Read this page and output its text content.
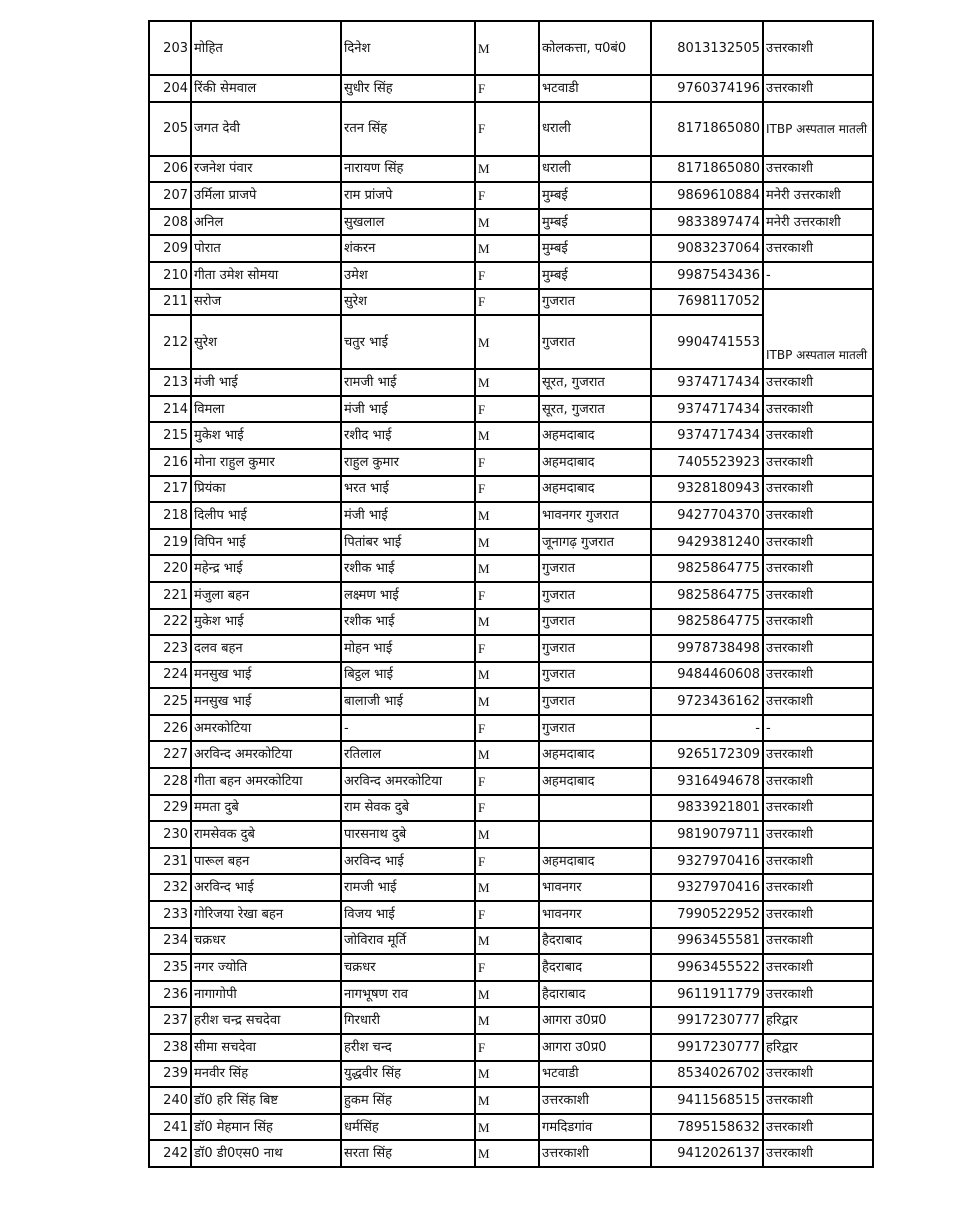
203	मोहित	दिनेश	M	कोलकत्ता, प0बं0	8013132505	उत्तरकाशी
204	रिंकी सेमवाल	सुधीर सिंह	F	भटवाडी	9760374196	उत्तरकाशी
205	जगत देवी	रतन सिंह	F	धराली	8171865080	ITBP अस्पताल मातली
206	रजनेश पंवार	नारायण सिंह	M	धराली	8171865080	उत्तरकाशी
207	उर्मिला प्राजपे	राम प्रांजपे	F	मुम्बई	9869610884	मनेरी उत्तरकाशी
208	अनिल	सुखलाल	M	मुम्बई	9833897474	मनेरी उत्तरकाशी
209	पोरात	शंकरन	M	मुम्बई	9083237064	उत्तरकाशी
210	गीता उमेश सोमया	उमेश	F	मुम्बई	9987543436	-
211	सरोज	सुरेश	F	गुजरात	7698117052	ITBP अस्पताल मातली
212	सुरेश	चतुर भाई	M	गुजरात	9904741553	
213	मंजी भाई	रामजी भाई	M	सूरत, गुजरात	9374717434	उत्तरकाशी
214	विमला	मंजी भाई	F	सूरत, गुजरात	9374717434	उत्तरकाशी
215	मुकेश भाई	रशीद भाई	M	अहमदाबाद	9374717434	उत्तरकाशी
216	मोना राहुल कुमार	राहुल कुमार	F	अहमदाबाद	7405523923	उत्तरकाशी
217	प्रियंका	भरत भाई	F	अहमदाबाद	9328180943	उत्तरकाशी
218	दिलीप भाई	मंजी भाई	M	भावनगर गुजरात	9427704370	उत्तरकाशी
219	विपिन भाई	पितांबर भाई	M	जूनागढ़ गुजरात	9429381240	उत्तरकाशी
220	महेन्द्र भाई	रशीक भाई	M	गुजरात	9825864775	उत्तरकाशी
221	मंजुला बहन	लक्ष्मण भाई	F	गुजरात	9825864775	उत्तरकाशी
222	मुकेश भाई	रशीक भाई	M	गुजरात	9825864775	उत्तरकाशी
223	दलव बहन	मोहन भाई	F	गुजरात	9978738498	उत्तरकाशी
224	मनसुख भाई	बिट्ठल भाई	M	गुजरात	9484460608	उत्तरकाशी
225	मनसुख भाई	बालाजी भाई	M	गुजरात	9723436162	उत्तरकाशी
226	अमरकोटिया	-	F	गुजरात	-	-
227	अरविन्द अमरकोटिया	रतिलाल	M	अहमदाबाद	9265172309	उत्तरकाशी
228	गीता बहन अमरकोटिया	अरविन्द अमरकोटिया	F	अहमदाबाद	9316494678	उत्तरकाशी
229	ममता दुबे	राम सेवक दुबे	F		9833921801	उत्तरकाशी
230	रामसेवक दुबे	पारसनाथ दुबे	M		9819079711	उत्तरकाशी
231	पारूल बहन	अरविन्द भाई	F	अहमदाबाद	9327970416	उत्तरकाशी
232	अरविन्द भाई	रामजी भाई	M	भावनगर	9327970416	उत्तरकाशी
233	गोरिजया रेखा बहन	विजय भाई	F	भावनगर	7990522952	उत्तरकाशी
234	चक्रधर	जोविराव मूर्ति	M	हैदराबाद	9963455581	उत्तरकाशी
235	नगर ज्योति	चक्रधर	F	हैदराबाद	9963455522	उत्तरकाशी
236	नागागोपी	नागभूषण राव	M	हैदाराबाद	9611911779	उत्तरकाशी
237	हरीश चन्द्र सचदेवा	गिरधारी	M	आगरा उ0प्र0	9917230777	हरिद्वार
238	सीमा सचदेवा	हरीश चन्द	F	आगरा उ0प्र0	9917230777	हरिद्वार
239	मनवीर सिंह	युद्धवीर सिंह	M	भटवाडी	8534026702	उत्तरकाशी
240	डॉ0 हरि सिंह बिष्ट	हुकम सिंह	M	उत्तरकाशी	9411568515	उत्तरकाशी
241	डॉ0 मेहमान सिंह	धर्मसिंह	M	गमदिडगांव	7895158632	उत्तरकाशी
242	डॉ0 डी0एस0 नाथ	सरता सिंह	M	उत्तरकाशी	9412026137	उत्तरकाशी
